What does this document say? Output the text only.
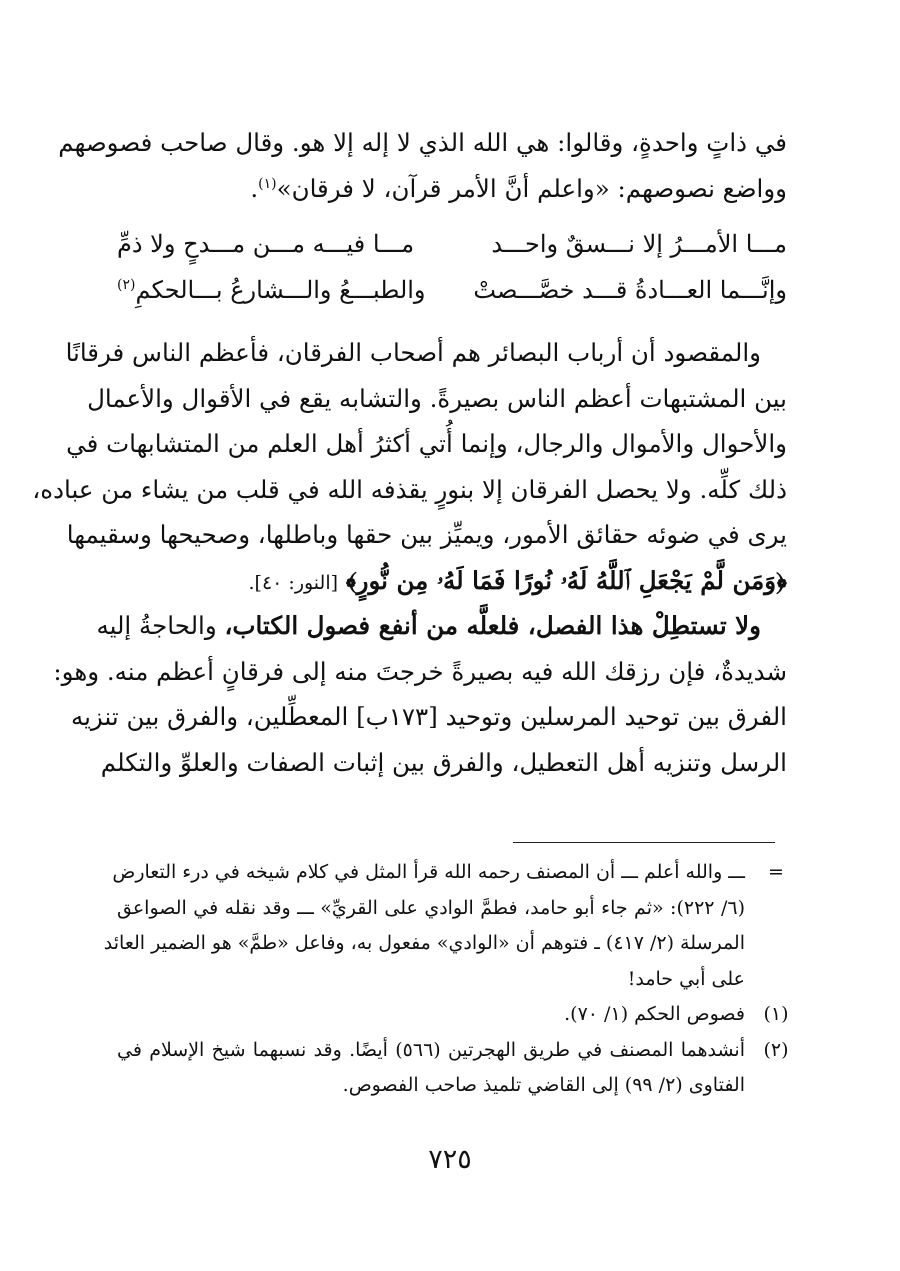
في ذاتٍ واحدةٍ، وقالوا: هي الله الذي لا إله إلا هو. وقال صاحب فصوصهم
وواضع نصوصهم: «واعلم أنَّ الأمر قرآن، لا فرقان»$^{(١)}$.
مـــا الأمـــرُ إلا نـــسقٌ واحـــد
مـــا فيـــه مـــن مـــدحٍ ولا ذمِّ
وإنَّـــما العـــادةُ قـــد خصَّـــصتْ
والطبـــعُ والـــشارعُ بـــالحكمِ$^{(٢)}$
والمقصود أن أرباب البصائر هم أصحاب الفرقان، فأعظم الناس فرقانًا
بين المشتبهات أعظم الناس بصيرةً. والتشابه يقع في الأقوال والأعمال
والأحوال والأموال والرجال، وإنما أُتي أكثرُ أهل العلم من المتشابهات في
ذلك كلِّه. ولا يحصل الفرقان إلا بنورٍ يقذفه الله في قلب من يشاء من عباده،
يرى في ضوئه حقائق الأمور، ويميِّز بين حقها وباطلها، وصحيحها وسقيمها
﴿وَمَن لَّمْ يَجْعَلِ ٱللَّهُ لَهُۥ نُورًا فَمَا لَهُۥ مِن نُّورٍ﴾ [النور: ٤٠].
ولا تستطِلْ هذا الفصل، فلعلَّه من أنفع فصول الكتاب، والحاجةُ إليه
شديدةٌ، فإن رزقك الله فيه بصيرةً خرجتَ منه إلى فرقانٍ أعظم منه. وهو:
الفرق بين توحيد المرسلين وتوحيد [١٧٣ب] المعطِّلين، والفرق بين تنزيه
الرسل وتنزيه أهل التعطيل، والفرق بين إثبات الصفات والعلوِّ والتكلم
=
ـــ والله أعلم ـــ أن المصنف رحمه الله قرأ المثل في كلام شيخه في درء التعارض
(٦/ ٢٢٢): «ثم جاء أبو حامد، فطمَّ الوادي على القريِّ» ـــ وقد نقله في الصواعق
المرسلة (٢/ ٤١٧) ـ فتوهم أن «الوادي» مفعول به، وفاعل «طمَّ» هو الضمير العائد
على أبي حامد!
(١)
فصوص الحكم (١/ ٧٠).
(٢)
أنشدهما المصنف في طريق الهجرتين (٥٦٦) أيضًا. وقد نسبهما شيخ الإسلام في
الفتاوى (٢/ ٩٩) إلى القاضي تلميذ صاحب الفصوص.
٧٢٥
